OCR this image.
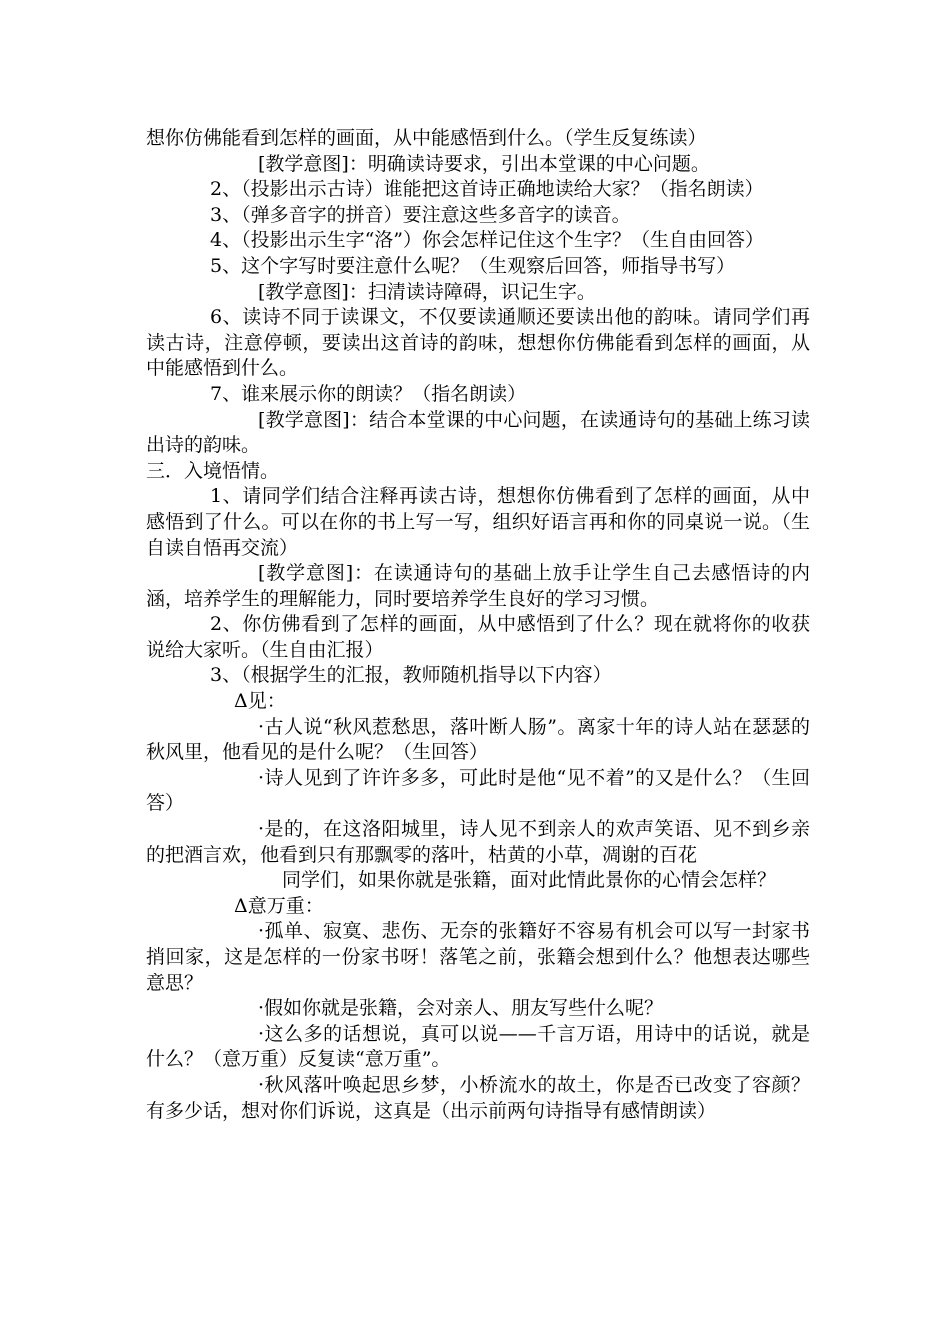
想你仿佛能看到怎样的画面，从中能感悟到什么。（学生反复练读）

[教学意图]：明确读诗要求，引出本堂课的中心问题。

2、（投影出示古诗）谁能把这首诗正确地读给大家？（指名朗读）

3、（弹多音字的拼音）要注意这些多音字的读音。

4、（投影出示生字“洛”）你会怎样记住这个生字？（生自由回答）

5、这个字写时要注意什么呢？（生观察后回答，师指导书写）

[教学意图]：扫清读诗障碍，识记生字。

6、读诗不同于读课文，不仅要读通顺还要读出他的韵味。请同学们再读古诗，注意停顿，要读出这首诗的韵味，想想你仿佛能看到怎样的画面，从中能感悟到什么。

7、谁来展示你的朗读？（指名朗读）

[教学意图]：结合本堂课的中心问题，在读通诗句的基础上练习读出诗的韵味。

三．入境悟情。

1、请同学们结合注释再读古诗，想想你仿佛看到了怎样的画面，从中感悟到了什么。可以在你的书上写一写，组织好语言再和你的同桌说一说。（生自读自悟再交流）

[教学意图]：在读通诗句的基础上放手让学生自己去感悟诗的内涵，培养学生的理解能力，同时要培养学生良好的学习习惯。

2、你仿佛看到了怎样的画面，从中感悟到了什么？现在就将你的收获说给大家听。（生自由汇报）

3、（根据学生的汇报，教师随机指导以下内容）

Δ见：

·古人说“秋风惹愁思，落叶断人肠”。离家十年的诗人站在瑟瑟的秋风里，他看见的是什么呢？（生回答）

·诗人见到了许许多多，可此时是他“见不着”的又是什么？（生回答）

·是的，在这洛阳城里，诗人见不到亲人的欢声笑语、见不到乡亲的把酒言欢，他看到只有那飘零的落叶，枯黄的小草，凋谢的百花

同学们，如果你就是张籍，面对此情此景你的心情会怎样？

Δ意万重：

·孤单、寂寞、悲伤、无奈的张籍好不容易有机会可以写一封家书捎回家，这是怎样的一份家书呀！落笔之前，张籍会想到什么？他想表达哪些意思？

·假如你就是张籍，会对亲人、朋友写些什么呢？

·这么多的话想说，真可以说——千言万语，用诗中的话说，就是什么？（意万重）反复读“意万重”。

·秋风落叶唤起思乡梦，小桥流水的故土，你是否已改变了容颜？有多少话，想对你们诉说，这真是（出示前两句诗指导有感情朗读）
